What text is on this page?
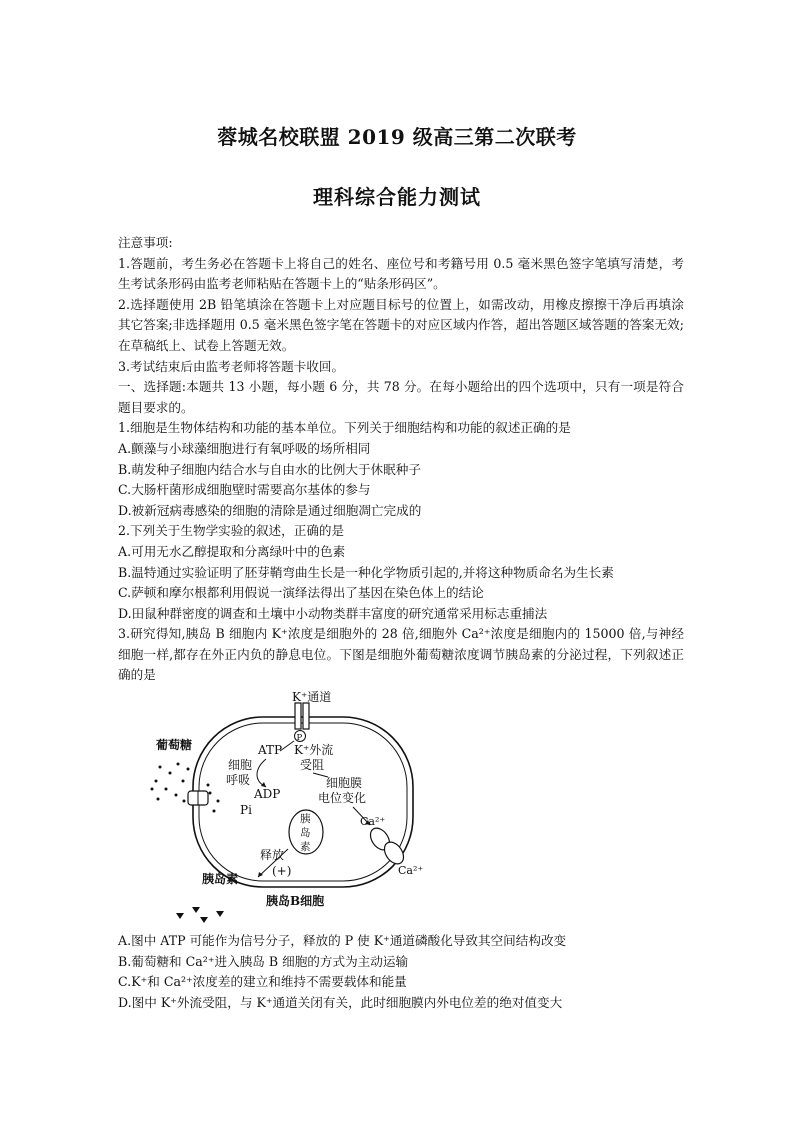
蓉城名校联盟 2019 级高三第二次联考
理科综合能力测试

注意事项:

1.答题前，考生务必在答题卡上将自己的姓名、座位号和考籍号用 0.5 毫米黑色签字笔填写清楚，考生考试条形码由监考老师粘贴在答题卡上的“贴条形码区”。

2.选择题使用 2B 铅笔填涂在答题卡上对应题目标号的位置上，如需改动，用橡皮擦擦干净后再填涂其它答案;非选择题用 0.5 毫米黑色签字笔在答题卡的对应区域内作答，超出答题区域答题的答案无效;在草稿纸上、试卷上答题无效。

3.考试结束后由监考老师将答题卡收回。

一、选择题:本题共 13 小题，每小题 6 分，共 78 分。在每小题给出的四个选项中，只有一项是符合题目要求的。

1.细胞是生物体结构和功能的基本单位。下列关于细胞结构和功能的叙述正确的是

A.颤藻与小球藻细胞进行有氧呼吸的场所相同

B.萌发种子细胞内结合水与自由水的比例大于休眠种子

C.大肠杆菌形成细胞壁时需要高尔基体的参与

D.被新冠病毒感染的细胞的清除是通过细胞凋亡完成的

2.下列关于生物学实验的叙述，正确的是

A.可用无水乙醇提取和分离绿叶中的色素

B.温特通过实验证明了胚芽鞘弯曲生长是一种化学物质引起的,并将这种物质命名为生长素

C.萨顿和摩尔根都利用假说一演绎法得出了基因在染色体上的结论

D.田鼠种群密度的调查和土壤中小动物类群丰富度的研究通常采用标志重捕法

3.研究得知,胰岛 B 细胞内 K⁺浓度是细胞外的 28 倍,细胞外 Ca²⁺浓度是细胞内的 15000 倍,与神经细胞一样,都存在外正内负的静息电位。下图是细胞外葡萄糖浓度调节胰岛素的分泌过程，下列叙述正确的是

K⁺通道
P
葡萄糖	ATP K⁺外流
受阻
细胞
呼吸
ADP
Pi
细胞膜
电位变化
Ca²⁺
Ca²⁺
胰
岛
素
释放
(+)
胰岛素
胰岛B细胞

A.图中 ATP 可能作为信号分子，释放的 P 使 K⁺通道磷酸化导致其空间结构改变

B.葡萄糖和 Ca²⁺进入胰岛 B 细胞的方式为主动运输

C.K⁺和 Ca²⁺浓度差的建立和维持不需要载体和能量

D.图中 K⁺外流受阻，与 K⁺通道关闭有关，此时细胞膜内外电位差的绝对值变大
